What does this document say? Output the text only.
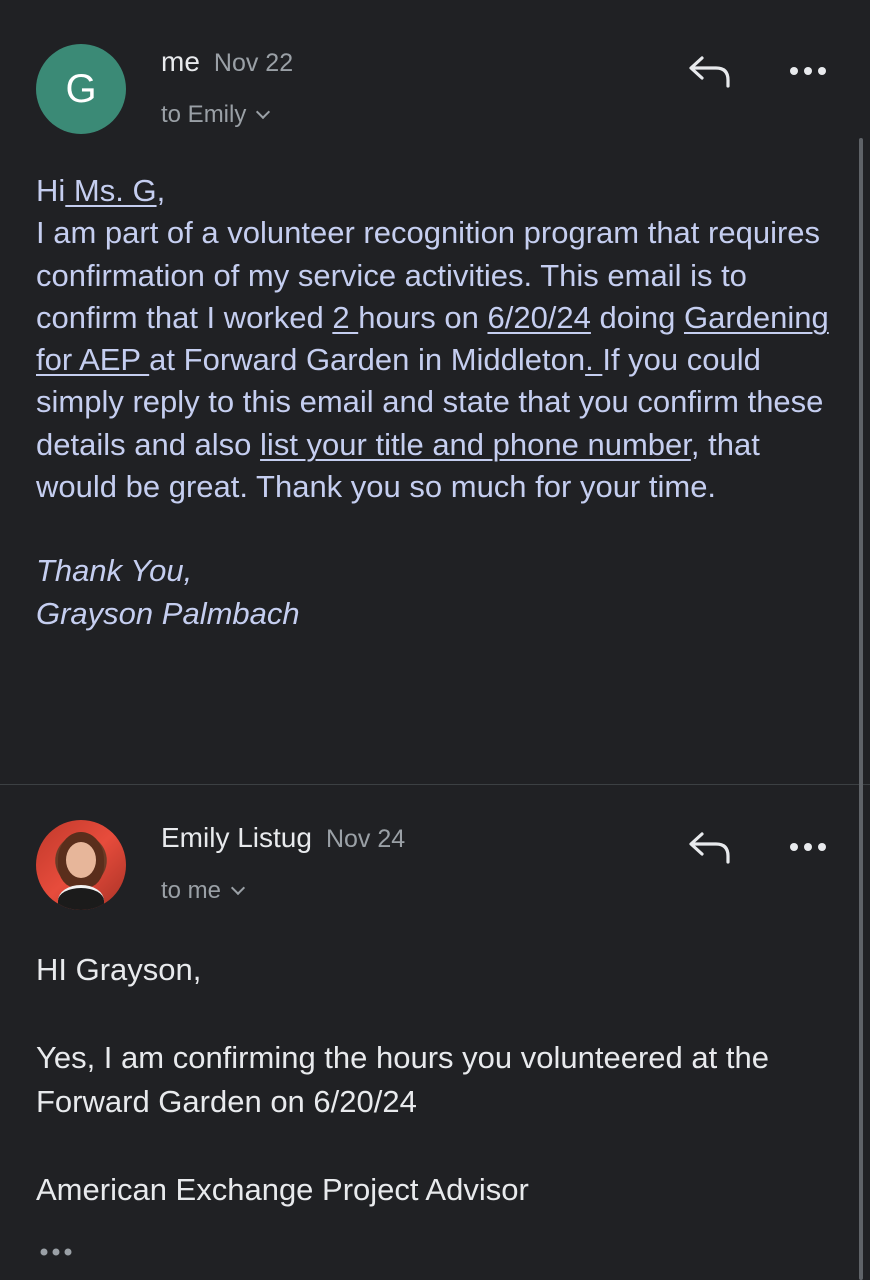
G
me Nov 22
to Emily

Hi Ms. G,

I am part of a volunteer recognition program that requires confirmation of my service activities. This email is to confirm that I worked 2 hours on 6/20/24 doing Gardening for AEP at Forward Garden in Middleton. If you could simply reply to this email and state that you confirm these details and also list your title and phone number, that would be great. Thank you so much for your time.

Thank You,

Grayson Palmbach

Emily Listug Nov 24
to me

HI Grayson,

Yes, I am confirming the hours you volunteered at the Forward Garden on 6/20/24

American Exchange Project Advisor
